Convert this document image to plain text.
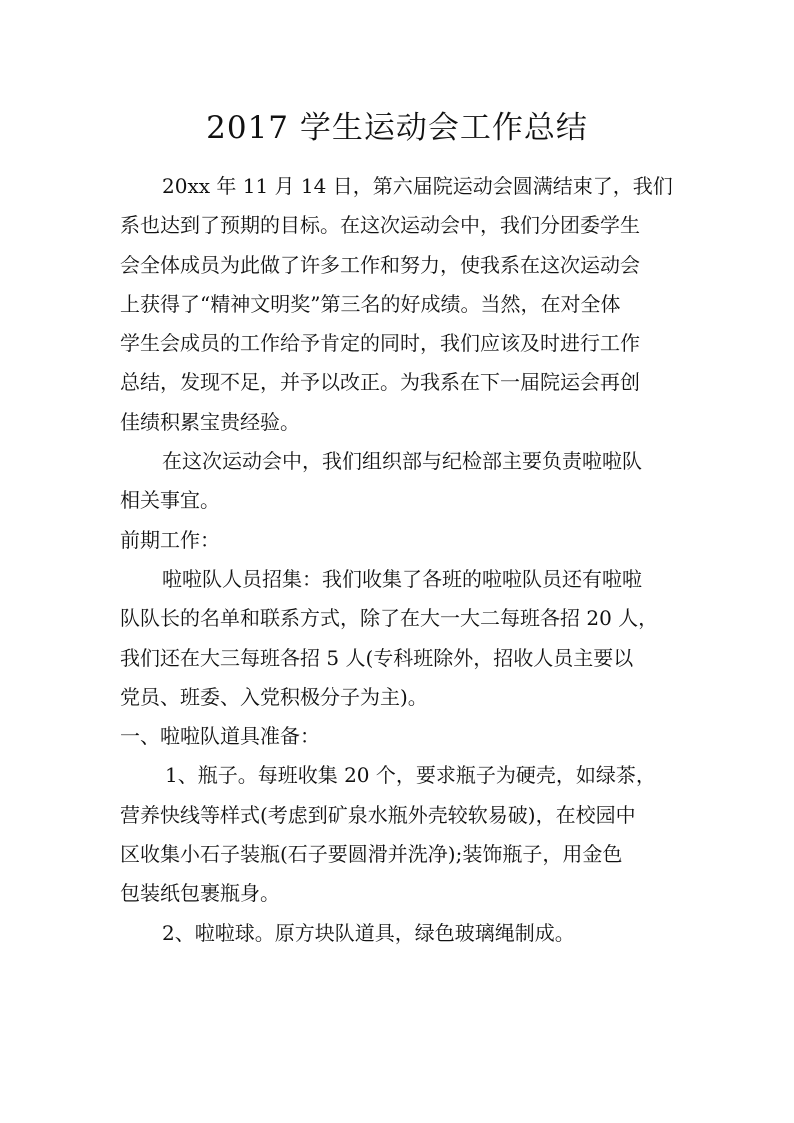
2017 学生运动会工作总结

20xx 年 11 月 14 日，第六届院运动会圆满结束了，我们
系也达到了预期的目标。在这次运动会中，我们分团委学生
会全体成员为此做了许多工作和努力，使我系在这次运动会
上获得了“精神文明奖”第三名的好成绩。当然，在对全体
学生会成员的工作给予肯定的同时，我们应该及时进行工作
总结，发现不足，并予以改正。为我系在下一届院运会再创
佳绩积累宝贵经验。

在这次运动会中，我们组织部与纪检部主要负责啦啦队
相关事宜。

前期工作：

啦啦队人员招集：我们收集了各班的啦啦队员还有啦啦
队队长的名单和联系方式，除了在大一大二每班各招 20 人，
我们还在大三每班各招 5 人(专科班除外，招收人员主要以
党员、班委、入党积极分子为主)。

一、啦啦队道具准备：

1、瓶子。每班收集 20 个，要求瓶子为硬壳，如绿茶，
营养快线等样式(考虑到矿泉水瓶外壳较软易破)，在校园中
区收集小石子装瓶(石子要圆滑并洗净);装饰瓶子，用金色
包装纸包裹瓶身。

2、啦啦球。原方块队道具，绿色玻璃绳制成。
